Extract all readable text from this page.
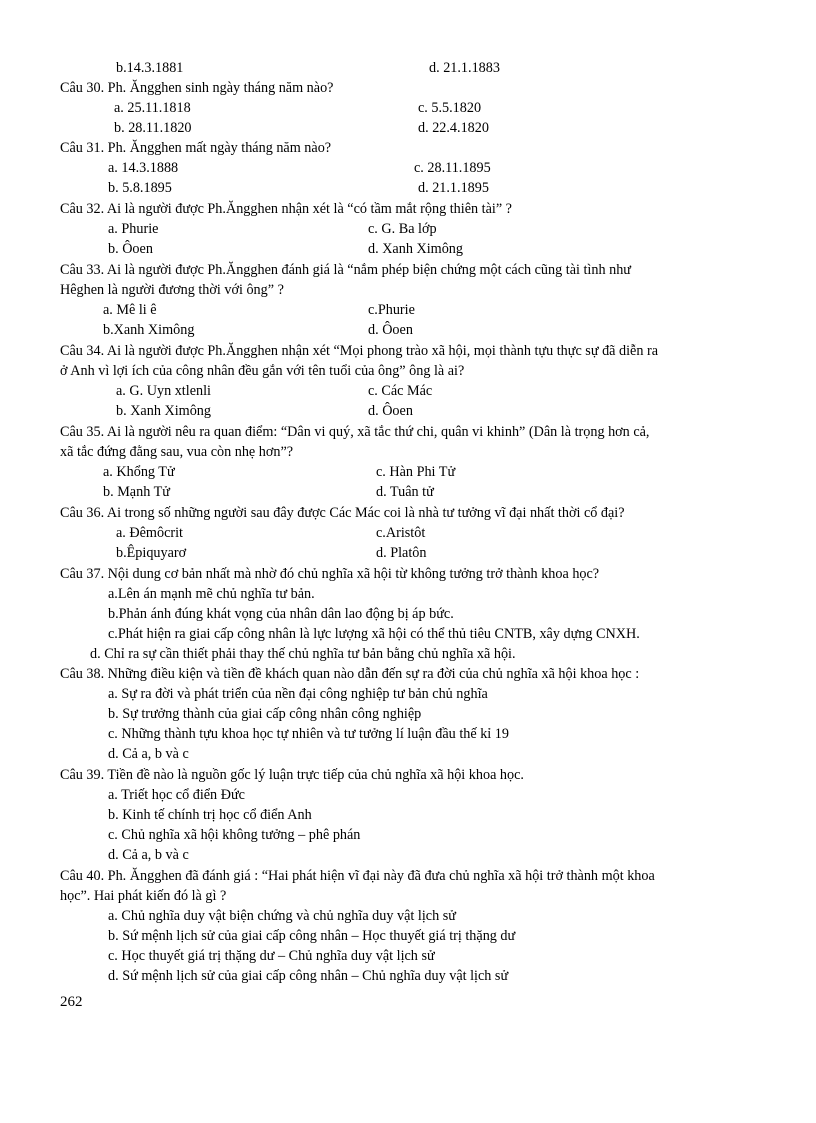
b.14.3.1881	d. 21.1.1883
Câu 30. Ph. Ăngghen sinh ngày tháng năm nào?
a. 25.11.1818	c. 5.5.1820
b. 28.11.1820	d. 22.4.1820
Câu 31. Ph. Ăngghen mất ngày tháng năm nào?
a. 14.3.1888	c. 28.11.1895
b. 5.8.1895	d. 21.1.1895
Câu 32. Ai là người được Ph.Ăngghen nhận xét là “có tầm mắt rộng thiên tài” ?
a. Phurie	c. G. Ba lớp
b. Ôoen	d. Xanh Ximông
Câu 33. Ai là người được Ph.Ăngghen đánh giá là “nắm phép biện chứng một cách cũng tài tình như
Hêghen là người đương thời với ông” ?
a. Mê li ê	c.Phurie
b.Xanh Ximông	d. Ôoen
Câu 34. Ai là người được Ph.Ăngghen nhận xét “Mọi phong trào xã hội, mọi thành tựu thực sự đã diễn ra
ở Anh vì lợi ích của công nhân đều gắn với tên tuổi của ông” ông là ai?
a. G. Uyn xtlenli	c. Các Mác
b. Xanh Ximông	d. Ôoen
Câu 35. Ai là người nêu ra quan điểm: “Dân vi quý, xã tắc thứ chi, quân vi khinh” (Dân là trọng hơn cả,
xã tắc đứng đằng sau, vua còn nhẹ hơn”?
a. Khổng Tử	c. Hàn Phi Tử
b. Mạnh Tử	d. Tuân tử
Câu 36. Ai trong số những người sau đây được Các Mác coi là nhà tư tưởng vĩ đại nhất thời cổ đại?
a. Đêmôcrit	c.Aristôt
b.Êpiquyarơ	d. Platôn
Câu 37. Nội dung cơ bản nhất mà nhờ đó chủ nghĩa xã hội từ không tưởng trở thành khoa học?
a.Lên án mạnh mẽ chủ nghĩa tư bản.
b.Phản ánh đúng khát vọng của nhân dân lao động bị áp bức.
c.Phát hiện ra giai cấp công nhân là lực lượng xã hội có thể thủ tiêu CNTB, xây dựng CNXH.
d. Chỉ ra sự cần thiết phải thay thế chủ nghĩa tư bản bằng chủ nghĩa xã hội.
Câu 38. Những điều kiện và tiền đề khách quan nào dẫn đến sự ra đời của chủ nghĩa xã hội khoa học :
a. Sự ra đời và phát triển của nền đại công nghiệp tư bản chủ nghĩa
b. Sự trưởng thành của giai cấp công nhân công nghiệp
c. Những thành tựu khoa học tự nhiên và tư tưởng lí luận đầu thế kỉ 19
d. Cả a, b và c
Câu 39. Tiền đề nào là nguồn gốc lý luận trực tiếp của chủ nghĩa xã hội khoa học.
a. Triết học cổ điển Đức
b. Kinh tế chính trị học cổ điển Anh
c. Chủ nghĩa xã hội không tưởng – phê phán
d. Cả a, b và c
Câu 40. Ph. Ăngghen đã đánh giá : “Hai phát hiện vĩ đại này đã đưa chủ nghĩa xã hội trở thành một khoa
học”. Hai phát kiến đó là gì ?
a. Chủ nghĩa duy vật biện chứng và chủ nghĩa duy vật lịch sử
b. Sứ mệnh lịch sử của giai cấp công nhân – Học thuyết giá trị thặng dư
c. Học thuyết giá trị thặng dư – Chủ nghĩa duy vật lịch sử
d. Sứ mệnh lịch sử của giai cấp công nhân – Chủ nghĩa duy vật lịch sử
262
